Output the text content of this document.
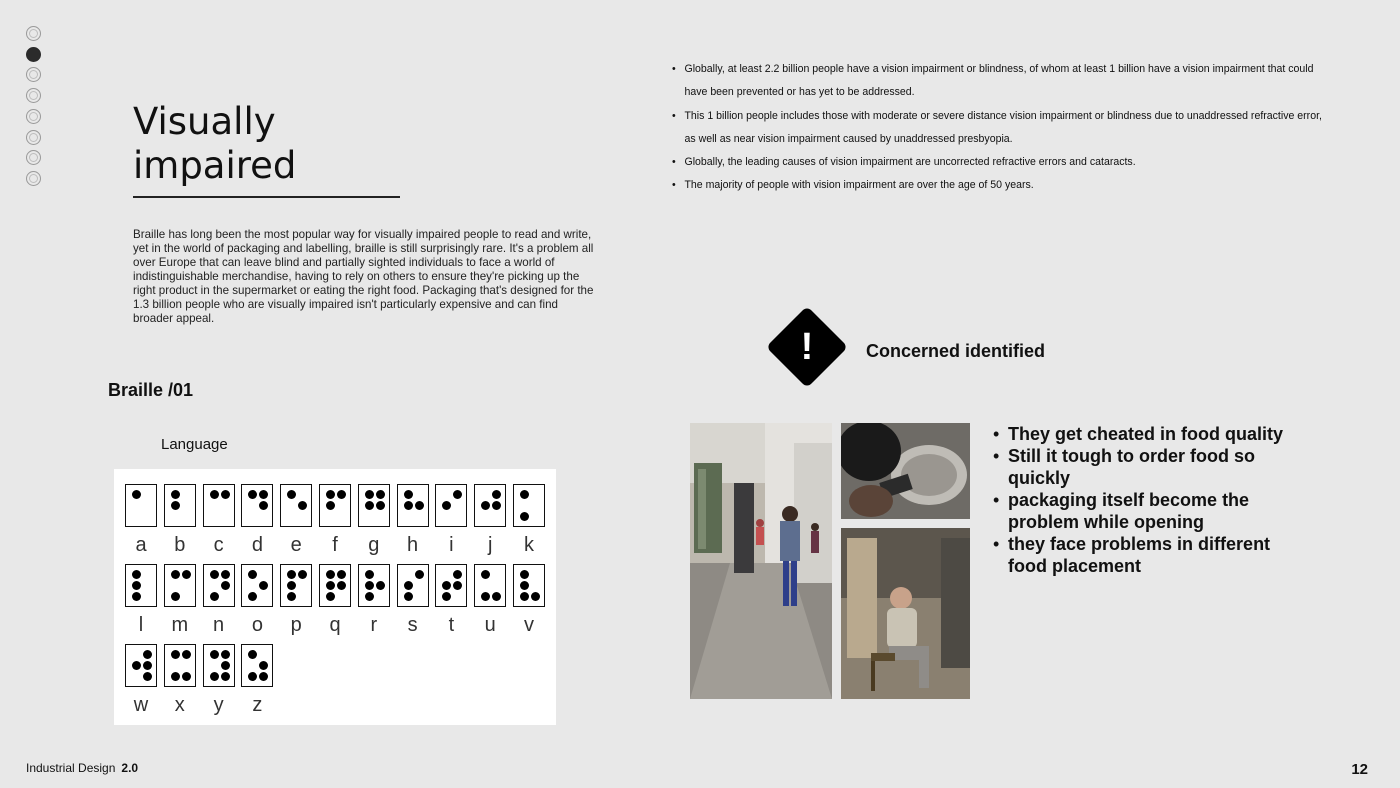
Visually
impaired

Braille has long been the most popular way for visually impaired people to read and write, yet in the world of packaging and labelling, braille is still surprisingly rare. It's a problem all over Europe that can leave blind and partially sighted individuals to face a world of indistinguishable merchandise, having to rely on others to ensure they're picking up the right product in the supermarket or eating the right food. Packaging that's designed for the 1.3 billion people who are visually impaired isn't particularly expensive and can find broader appeal.

Braille /01
Language
a	b	c	d	e	f	g	h	i	j	k
l	m	n	o	p	q	r	s	t	u	v
w	x	y	z
• Globally, at least 2.2 billion people have a vision impairment or blindness, of whom at least 1 billion have a vision impairment that could have been prevented or has yet to be addressed.
• This 1 billion people includes those with moderate or severe distance vision impairment or blindness due to unaddressed refractive error, as well as near vision impairment caused by unaddressed presbyopia.
• Globally, the leading causes of vision impairment are uncorrected refractive errors and cataracts.
• The majority of people with vision impairment are over the age of 50 years.
!	Concerned identified
• They get cheated in food quality
• Still it tough to order food so quickly
• packaging itself become the problem while opening
• they face problems in different food placement
Industrial Design 2.0	12
